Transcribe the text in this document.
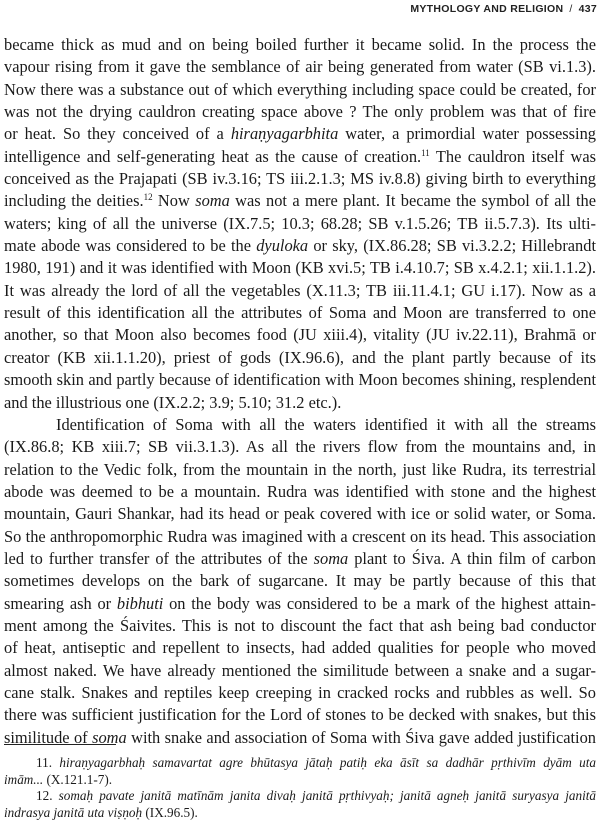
MYTHOLOGY AND RELIGION / 437
became thick as mud and on being boiled further it became solid. In the process the
vapour rising from it gave the semblance of air being generated from water (SB vi.1.3).
Now there was a substance out of which everything including space could be created, for
was not the drying cauldron creating space above ? The only problem was that of fire
or heat. So they conceived of a hiraṇyagarbhita water, a primordial water possessing
intelligence and self-generating heat as the cause of creation.$^{11}$ The cauldron itself was
conceived as the Prajapati (SB iv.3.16; TS iii.2.1.3; MS iv.8.8) giving birth to everything
including the deities.$^{12}$ Now soma was not a mere plant. It became the symbol of all the
waters; king of all the universe (IX.7.5; 10.3; 68.28; SB v.1.5.26; TB ii.5.7.3). Its ulti-
mate abode was considered to be the dyuloka or sky, (IX.86.28; SB vi.3.2.2; Hillebrandt
1980, 191) and it was identified with Moon (KB xvi.5; TB i.4.10.7; SB x.4.2.1; xii.1.1.2).
It was already the lord of all the vegetables (X.11.3; TB iii.11.4.1; GU i.17). Now as a
result of this identification all the attributes of Soma and Moon are transferred to one
another, so that Moon also becomes food (JU xiii.4), vitality (JU iv.22.11), Brahmā or
creator (KB xii.1.1.20), priest of gods (IX.96.6), and the plant partly because of its
smooth skin and partly because of identification with Moon becomes shining, resplendent
and the illustrious one (IX.2.2; 3.9; 5.10; 31.2 etc.).
Identification of Soma with all the waters identified it with all the streams
(IX.86.8; KB xiii.7; SB vii.3.1.3). As all the rivers flow from the mountains and, in
relation to the Vedic folk, from the mountain in the north, just like Rudra, its terrestrial
abode was deemed to be a mountain. Rudra was identified with stone and the highest
mountain, Gauri Shankar, had its head or peak covered with ice or solid water, or Soma.
So the anthropomorphic Rudra was imagined with a crescent on its head. This association
led to further transfer of the attributes of the soma plant to Śiva. A thin film of carbon
sometimes develops on the bark of sugarcane. It may be partly because of this that
smearing ash or bibhuti on the body was considered to be a mark of the highest attain-
ment among the Śaivites. This is not to discount the fact that ash being bad conductor
of heat, antiseptic and repellent to insects, had added qualities for people who moved
almost naked. We have already mentioned the similitude between a snake and a sugar-
cane stalk. Snakes and reptiles keep creeping in cracked rocks and rubbles as well. So
there was sufficient justification for the Lord of stones to be decked with snakes, but this
similitude of soma with snake and association of Soma with Śiva gave added justification
11. hiraṇyagarbhaḥ samavartat agre bhūtasya jātaḥ patiḥ eka āsīt sa dadhār pṛthivīm dyām uta
imām... (X.121.1-7).
12. somaḥ pavate janitā matīnām janita divaḥ janitā pṛthivyaḥ; janitā agneḥ janitā suryasya janitā
indrasya janitā uta viṣṇoḥ (IX.96.5).
